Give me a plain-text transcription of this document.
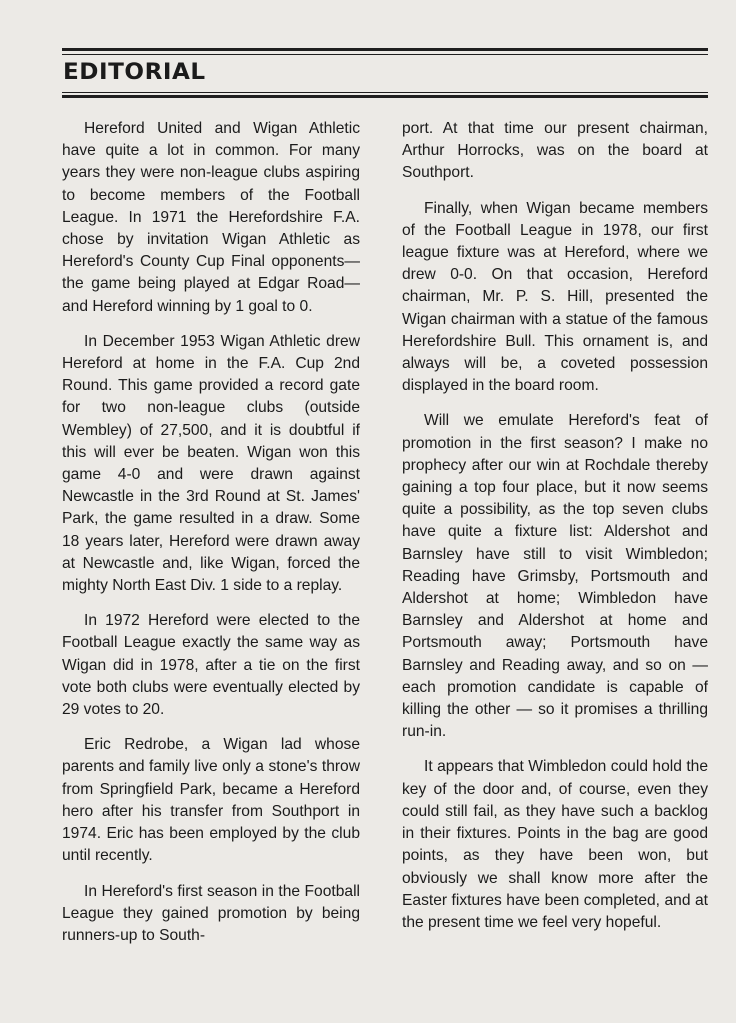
EDITORIAL

Hereford United and Wigan Athletic have quite a lot in common. For many years they were non-league clubs aspiring to become members of the Football League. In 1971 the Herefordshire F.A. chose by invitation Wigan Athletic as Hereford's County Cup Final opponents—the game being played at Edgar Road—and Hereford winning by 1 goal to 0.

In December 1953 Wigan Athletic drew Hereford at home in the F.A. Cup 2nd Round. This game provided a record gate for two non-league clubs (outside Wembley) of 27,500, and it is doubtful if this will ever be beaten. Wigan won this game 4-0 and were drawn against Newcastle in the 3rd Round at St. James' Park, the game resulted in a draw. Some 18 years later, Hereford were drawn away at Newcastle and, like Wigan, forced the mighty North East Div. 1 side to a replay.

In 1972 Hereford were elected to the Football League exactly the same way as Wigan did in 1978, after a tie on the first vote both clubs were eventually elected by 29 votes to 20.

Eric Redrobe, a Wigan lad whose parents and family live only a stone's throw from Springfield Park, became a Hereford hero after his transfer from Southport in 1974. Eric has been employed by the club until recently.

In Hereford's first season in the Football League they gained promotion by being runners-up to South-

port. At that time our present chairman, Arthur Horrocks, was on the board at Southport.

Finally, when Wigan became members of the Football League in 1978, our first league fixture was at Hereford, where we drew 0-0. On that occasion, Hereford chairman, Mr. P. S. Hill, presented the Wigan chairman with a statue of the famous Herefordshire Bull. This ornament is, and always will be, a coveted possession displayed in the board room.

Will we emulate Hereford's feat of promotion in the first season? I make no prophecy after our win at Rochdale thereby gaining a top four place, but it now seems quite a possibility, as the top seven clubs have quite a fixture list: Aldershot and Barnsley have still to visit Wimbledon; Reading have Grimsby, Portsmouth and Aldershot at home; Wimbledon have Barnsley and Aldershot at home and Portsmouth away; Portsmouth have Barnsley and Reading away, and so on — each promotion candidate is capable of killing the other — so it promises a thrilling run-in.

It appears that Wimbledon could hold the key of the door and, of course, even they could still fail, as they have such a backlog in their fixtures. Points in the bag are good points, as they have been won, but obviously we shall know more after the Easter fixtures have been completed, and at the present time we feel very hopeful.
